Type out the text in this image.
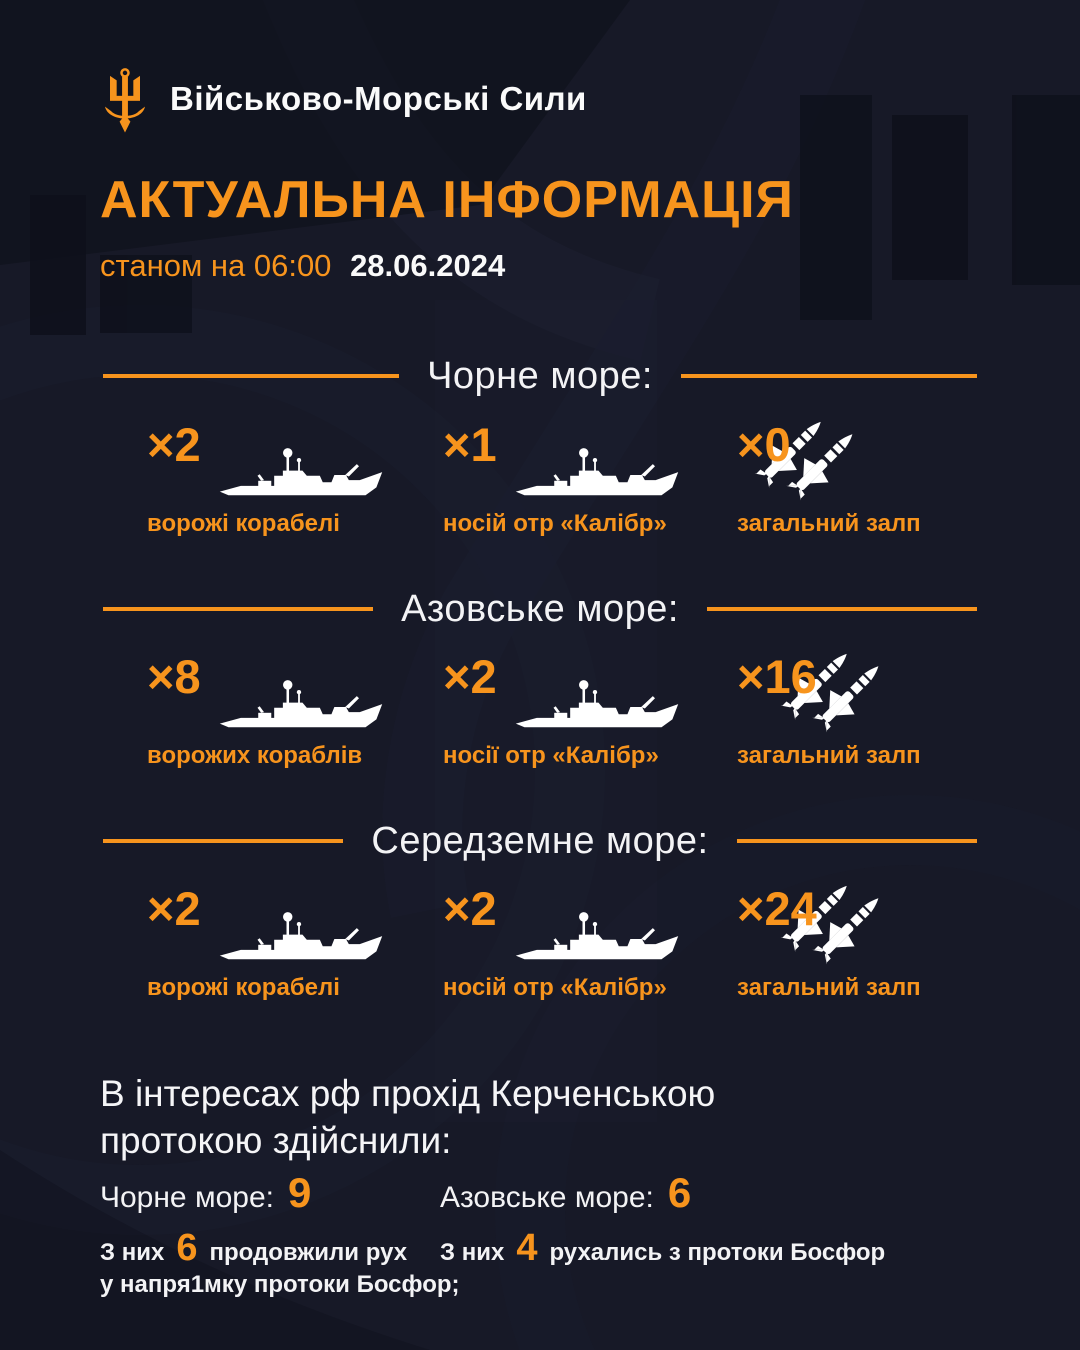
Військово-Морські Сили
АКТУАЛЬНА ІНФОРМАЦІЯ
станом на 06:00 28.06.2024
Чорне море:
Азовське море:
Середземне море:
×2
ворожі корабелі
×1
носій отр «Калібр»
×0
загальний залп
×8
ворожих кораблів
×2
носії отр «Калібр»
×16
загальний залп
×2
ворожі корабелі
×2
носій отр «Калібр»
×24
загальний залп
В інтересах рф прохід Керченською
протокою здійснили:
Чорне море: 9
З них 6 продовжили рух
у напря1мку протоки Босфор;
Азовське море: 6
З них 4 рухались з протоки Босфор
